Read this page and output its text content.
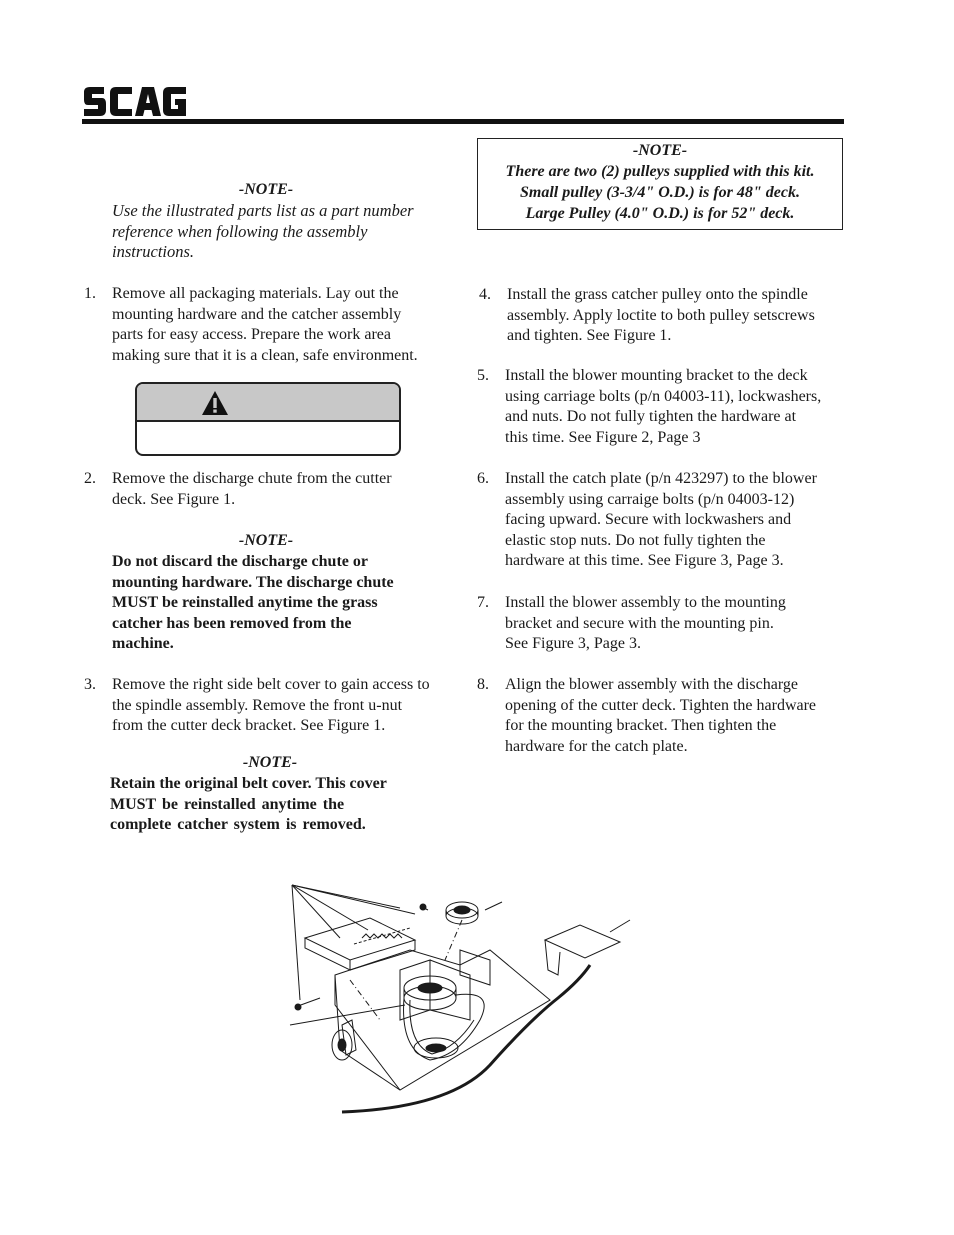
-NOTE-
Use the illustrated parts list as a part number
reference when following the assembly
instructions.
1. Remove all packaging materials. Lay out the
mounting hardware and the catcher assembly
parts for easy access. Prepare the work area
making sure that it is a clean, safe environment.
2. Remove the discharge chute from the cutter
deck. See Figure 1.
-NOTE-
Do not discard the discharge chute or
mounting hardware. The discharge chute
MUST be reinstalled anytime the grass
catcher has been removed from the
machine.
3. Remove the right side belt cover to gain access to
the spindle assembly. Remove the front u-nut
from the cutter deck bracket. See Figure 1.
-NOTE-
Retain the original belt cover. This cover
MUST be reinstalled anytime the
complete catcher system is removed.
-NOTE-
There are two (2) pulleys supplied with this kit.
Small pulley (3-3/4" O.D.) is for 48" deck.
Large Pulley (4.0" O.D.) is for 52" deck.
4. Install the grass catcher pulley onto the spindle
assembly. Apply loctite to both pulley setscrews
and tighten. See Figure 1.
5. Install the blower mounting bracket to the deck
using carriage bolts (p/n 04003-11), lockwashers,
and nuts. Do not fully tighten the hardware at
this time. See Figure 2, Page 3
6. Install the catch plate (p/n 423297) to the blower
assembly using carraige bolts (p/n 04003-12)
facing upward. Secure with lockwashers and
elastic stop nuts. Do not fully tighten the
hardware at this time. See Figure 3, Page 3.
7. Install the blower assembly to the mounting
bracket and secure with the mounting pin.
See Figure 3, Page 3.
8. Align the blower assembly with the discharge
opening of the cutter deck. Tighten the hardware
for the mounting bracket. Then tighten the
hardware for the catch plate.
